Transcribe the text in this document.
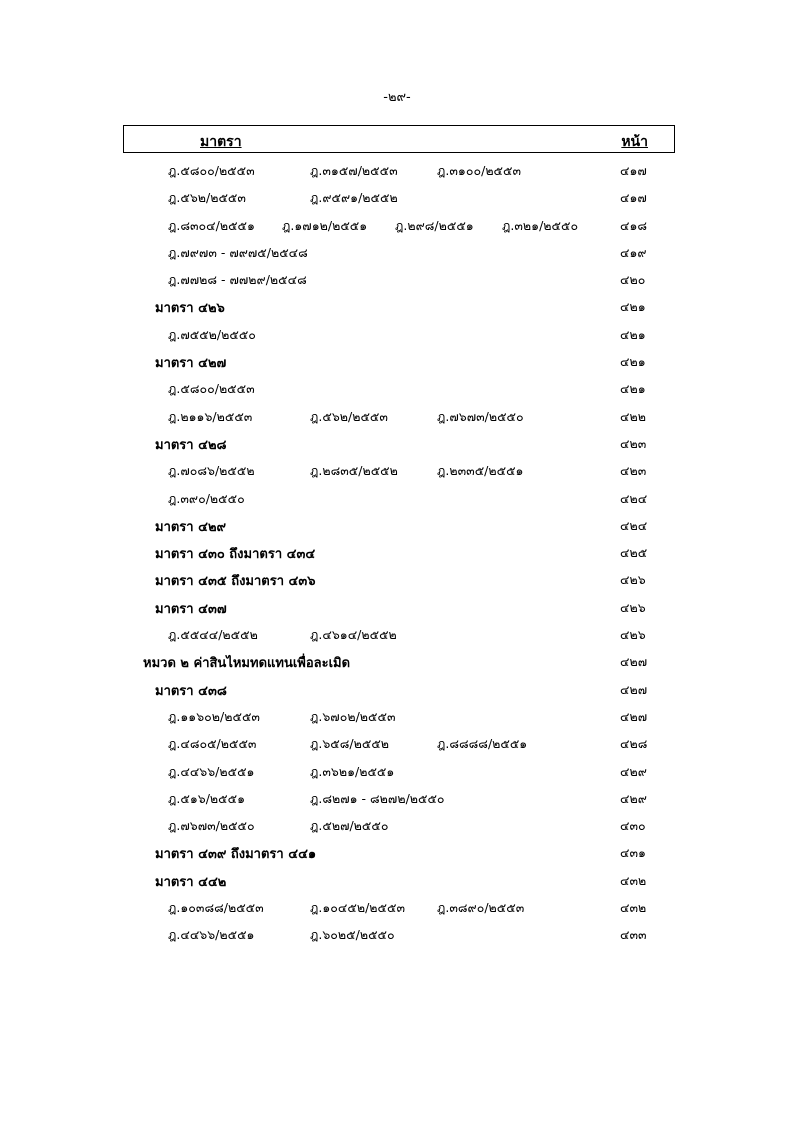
-๒๙-
มาตรา	หน้า
ฎ.๕๘๐๐/๒๕๕๓	ฎ.๓๑๕๗/๒๕๕๓	ฎ.๓๑๐๐/๒๕๕๓	๔๑๗
ฎ.๕๖๒/๒๕๕๓	ฎ.๙๕๙๑/๒๕๕๒	๔๑๗
ฎ.๘๓๐๔/๒๕๕๑ ฎ.๑๗๑๒/๒๕๕๑ ฎ.๒๙๘/๒๕๕๑ ฎ.๓๒๑/๒๕๕๐	๔๑๘
ฎ.๗๙๗๓ - ๗๙๗๕/๒๕๔๘	๔๑๙
ฎ.๗๗๒๘ - ๗๗๒๙/๒๕๔๘	๔๒๐
มาตรา ๔๒๖	๔๒๑
ฎ.๗๕๕๒/๒๕๕๐	๔๒๑
มาตรา ๔๒๗	๔๒๑
ฎ.๕๘๐๐/๒๕๕๓	๔๒๑
ฎ.๒๑๑๖/๒๕๕๓	ฎ.๕๖๒/๒๕๕๓	ฎ.๗๖๗๓/๒๕๕๐	๔๒๒
มาตรา ๔๒๘	๔๒๓
ฎ.๗๐๘๖/๒๕๕๒	ฎ.๒๘๓๕/๒๕๕๒	ฎ.๒๓๓๕/๒๕๕๑	๔๒๓
ฎ.๓๙๐/๒๕๕๐	๔๒๔
มาตรา ๔๒๙	๔๒๔
มาตรา ๔๓๐ ถึงมาตรา ๔๓๔	๔๒๕
มาตรา ๔๓๕ ถึงมาตรา ๔๓๖	๔๒๖
มาตรา ๔๓๗	๔๒๖
ฎ.๕๕๔๔/๒๕๕๒	ฎ.๔๖๑๔/๒๕๕๒	๔๒๖
หมวด ๒ ค่าสินไหมทดแทนเพื่อละเมิด	๔๒๗
มาตรา ๔๓๘	๔๒๗
ฎ.๑๑๖๐๒/๒๕๕๓	ฎ.๖๗๐๒/๒๕๕๓	๔๒๗
ฎ.๔๘๐๕/๒๕๕๓	ฎ.๖๕๘/๒๕๕๒	ฎ.๘๘๘๘/๒๕๕๑	๔๒๘
ฎ.๔๔๖๖/๒๕๕๑	ฎ.๓๖๒๑/๒๕๕๑	๔๒๙
ฎ.๕๑๖/๒๕๕๑	ฎ.๘๒๗๑ - ๘๒๗๒/๒๕๕๐	๔๒๙
ฎ.๗๖๗๓/๒๕๕๐	ฎ.๕๒๗/๒๕๕๐	๔๓๐
มาตรา ๔๓๙ ถึงมาตรา ๔๔๑	๔๓๑
มาตรา ๔๔๒	๔๓๒
ฎ.๑๐๓๘๘/๒๕๕๓	ฎ.๑๐๔๕๒/๒๕๕๓	ฎ.๓๘๙๐/๒๕๕๓	๔๓๒
ฎ.๔๔๖๖/๒๕๕๑	ฎ.๖๐๒๕/๒๕๕๐	๔๓๓
